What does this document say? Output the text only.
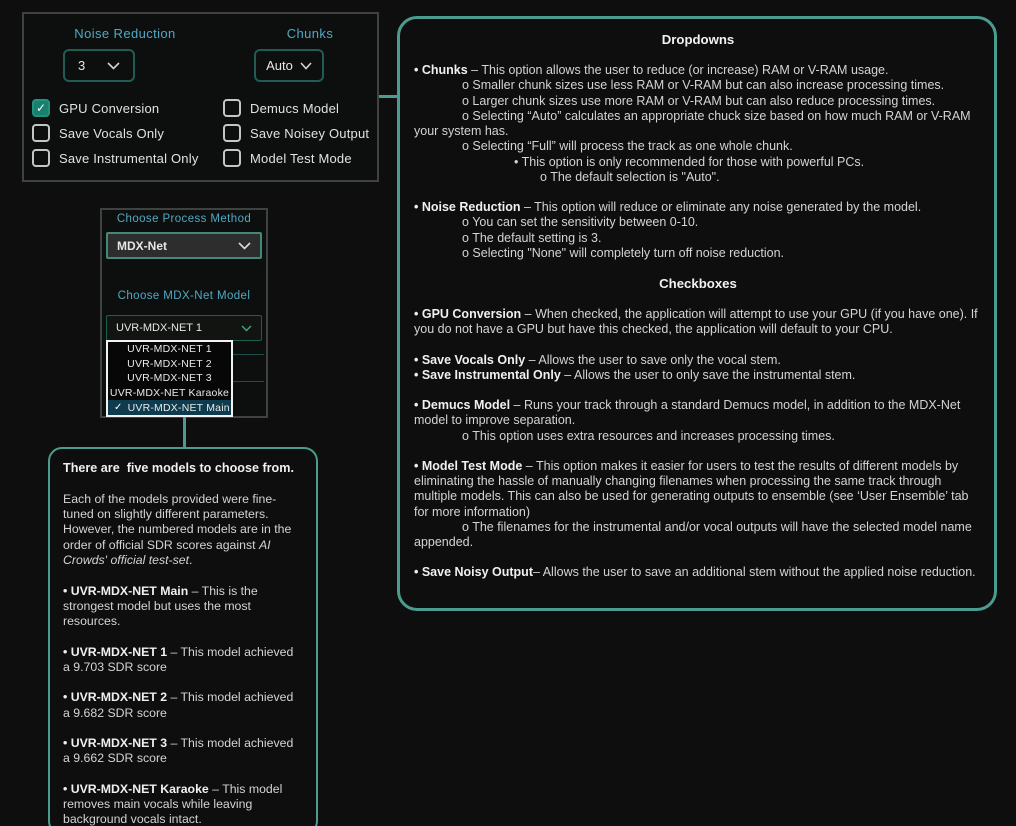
Noise Reduction	Chunks
3	Auto
✓ GPU Conversion
Save Vocals Only
Save Instrumental Only
Demucs Model
Save Noisey Output
Model Test Mode
Choose Process Method
MDX-Net
Choose MDX-Net Model
UVR-MDX-NET 1
UVR-MDX-NET 1
UVR-MDX-NET 2
UVR-MDX-NET 3
UVR-MDX-NET Karaoke
✓ UVR-MDX-NET Main

There are  five models to choose from.

Each of the models provided were fine-tuned on slightly different parameters. However, the numbered models are in the order of official SDR scores against AI Crowds' official test-set.

• UVR-MDX-NET Main – This is the strongest model but uses the most resources.

• UVR-MDX-NET 1 – This model achieved a 9.703 SDR score

• UVR-MDX-NET 2 – This model achieved a 9.682 SDR score

• UVR-MDX-NET 3 – This model achieved a 9.662 SDR score

• UVR-MDX-NET Karaoke – This model removes main vocals while leaving background vocals intact.

Dropdowns

• Chunks – This option allows the user to reduce (or increase) RAM or V-RAM usage.

o Smaller chunk sizes use less RAM or V-RAM but can also increase processing times.

o Larger chunk sizes use more RAM or V-RAM but can also reduce processing times.

o Selecting “Auto” calculates an appropriate chuck size based on how much RAM or V-RAM your system has.

o Selecting “Full” will process the track as one whole chunk.

• This option is only recommended for those with powerful PCs.

o The default selection is "Auto".

• Noise Reduction – This option will reduce or eliminate any noise generated by the model.

o You can set the sensitivity between 0-10.

o The default setting is 3.

o Selecting "None" will completely turn off noise reduction.

Checkboxes

• GPU Conversion – When checked, the application will attempt to use your GPU (if you have one). If you do not have a GPU but have this checked, the application will default to your CPU.

• Save Vocals Only – Allows the user to save only the vocal stem.

• Save Instrumental Only – Allows the user to only save the instrumental stem.

• Demucs Model – Runs your track through a standard Demucs model, in addition to the MDX-Net model to improve separation.

o This option uses extra resources and increases processing times.

• Model Test Mode – This option makes it easier for users to test the results of different models by eliminating the hassle of manually changing filenames when processing the same track through multiple models. This can also be used for generating outputs to ensemble (see ‘User Ensemble’ tab for more information)

o The filenames for the instrumental and/or vocal outputs will have the selected model name appended.

• Save Noisy Output– Allows the user to save an additional stem without the applied noise reduction.
